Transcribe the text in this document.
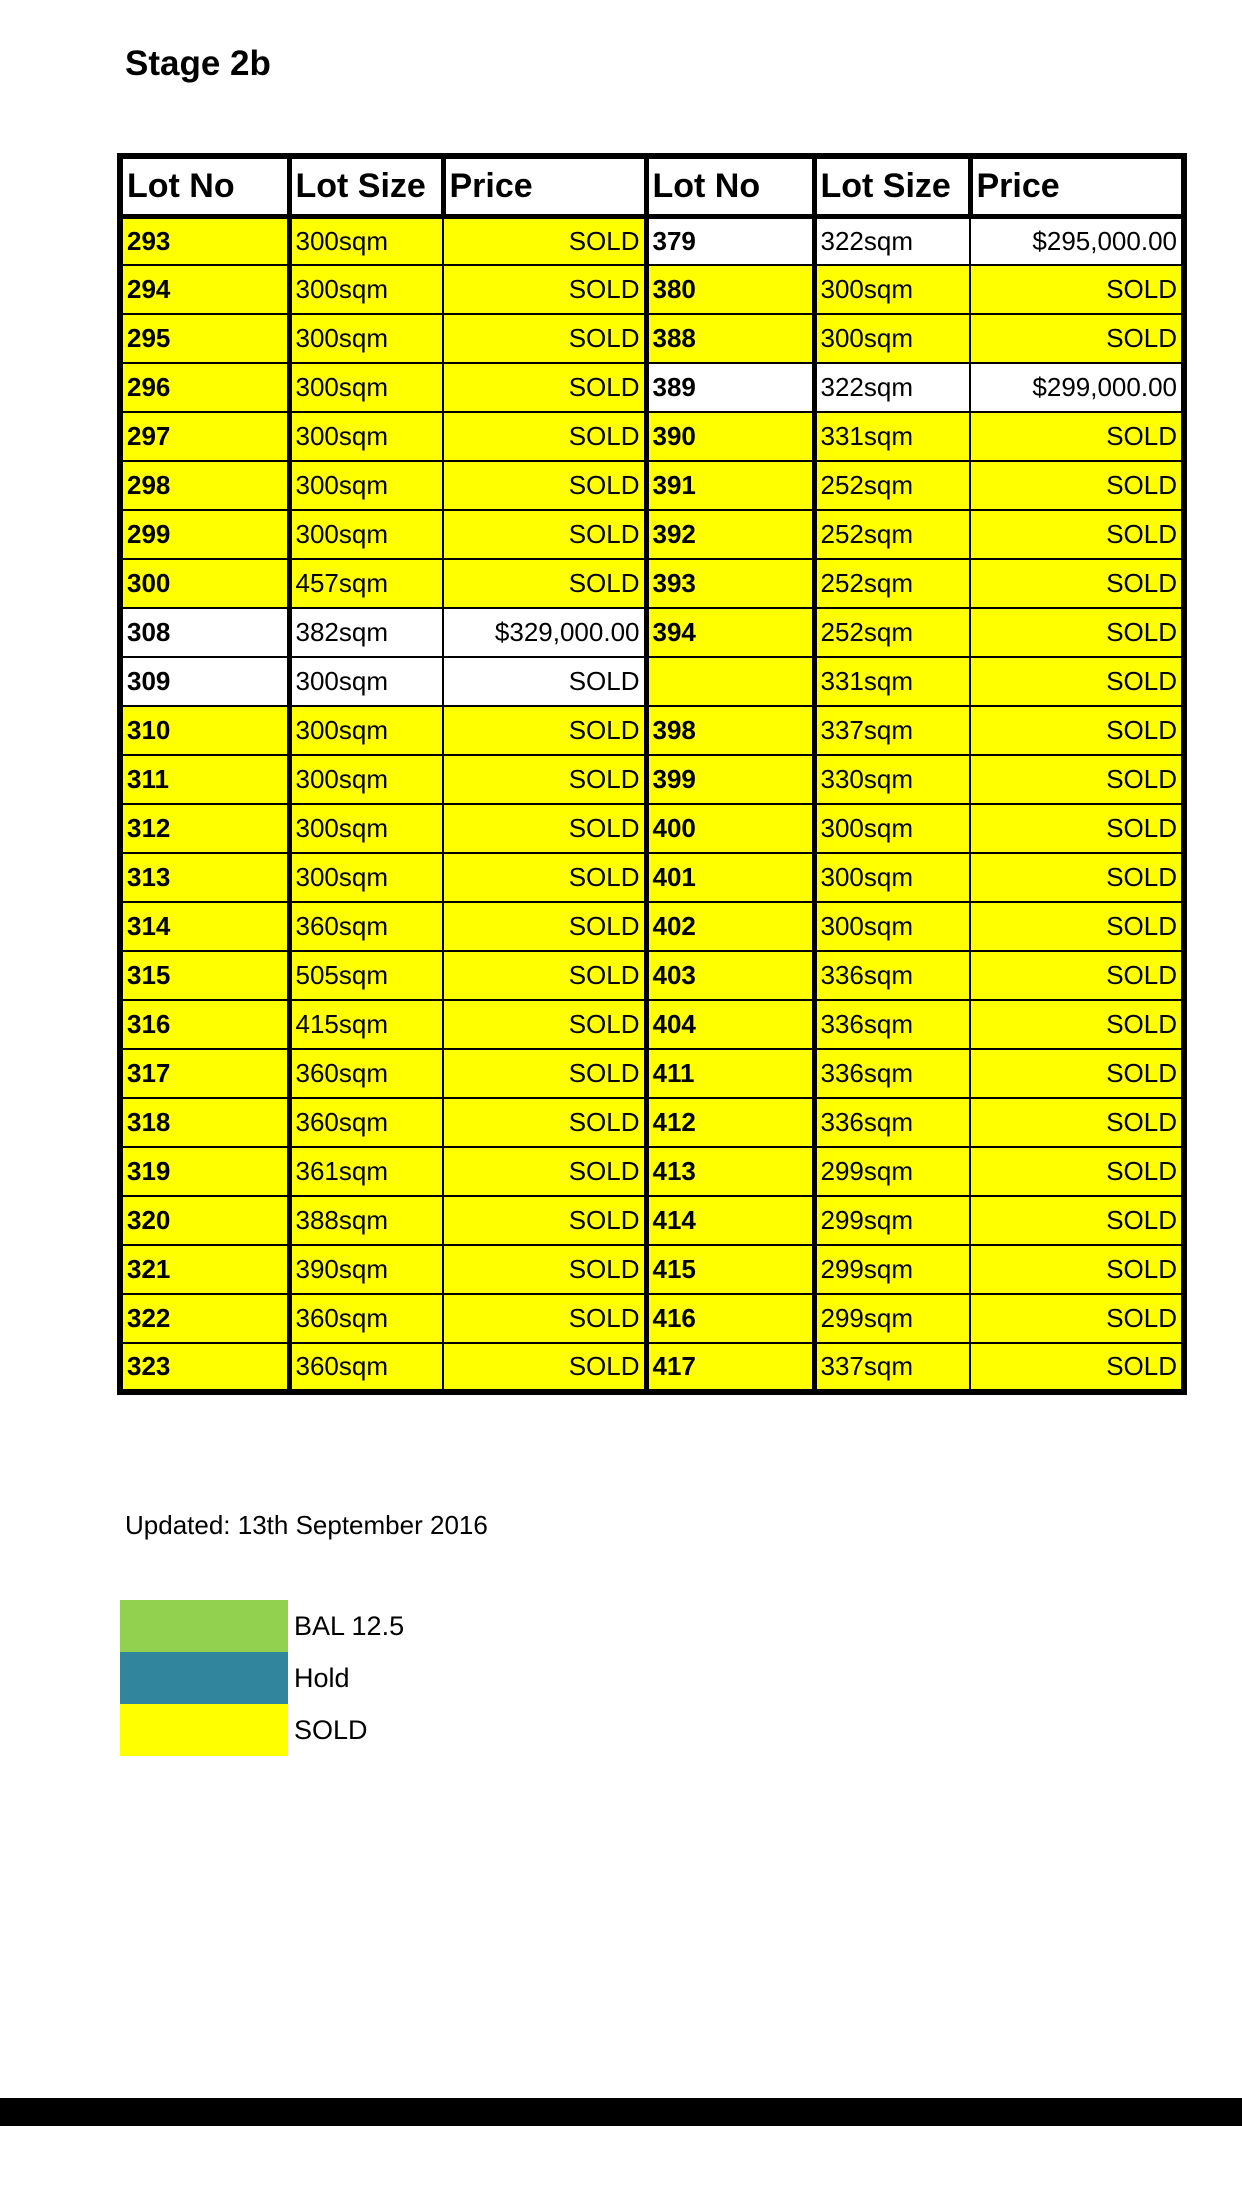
Stage 2b
Lot No	Lot Size	Price	Lot No	Lot Size	Price
293	300sqm	SOLD	379	322sqm	$295,000.00
294	300sqm	SOLD	380	300sqm	SOLD
295	300sqm	SOLD	388	300sqm	SOLD
296	300sqm	SOLD	389	322sqm	$299,000.00
297	300sqm	SOLD	390	331sqm	SOLD
298	300sqm	SOLD	391	252sqm	SOLD
299	300sqm	SOLD	392	252sqm	SOLD
300	457sqm	SOLD	393	252sqm	SOLD
308	382sqm	$329,000.00	394	252sqm	SOLD
309	300sqm	SOLD		331sqm	SOLD
310	300sqm	SOLD	398	337sqm	SOLD
311	300sqm	SOLD	399	330sqm	SOLD
312	300sqm	SOLD	400	300sqm	SOLD
313	300sqm	SOLD	401	300sqm	SOLD
314	360sqm	SOLD	402	300sqm	SOLD
315	505sqm	SOLD	403	336sqm	SOLD
316	415sqm	SOLD	404	336sqm	SOLD
317	360sqm	SOLD	411	336sqm	SOLD
318	360sqm	SOLD	412	336sqm	SOLD
319	361sqm	SOLD	413	299sqm	SOLD
320	388sqm	SOLD	414	299sqm	SOLD
321	390sqm	SOLD	415	299sqm	SOLD
322	360sqm	SOLD	416	299sqm	SOLD
323	360sqm	SOLD	417	337sqm	SOLD
Updated: 13th September 2016
BAL 12.5
Hold
SOLD
